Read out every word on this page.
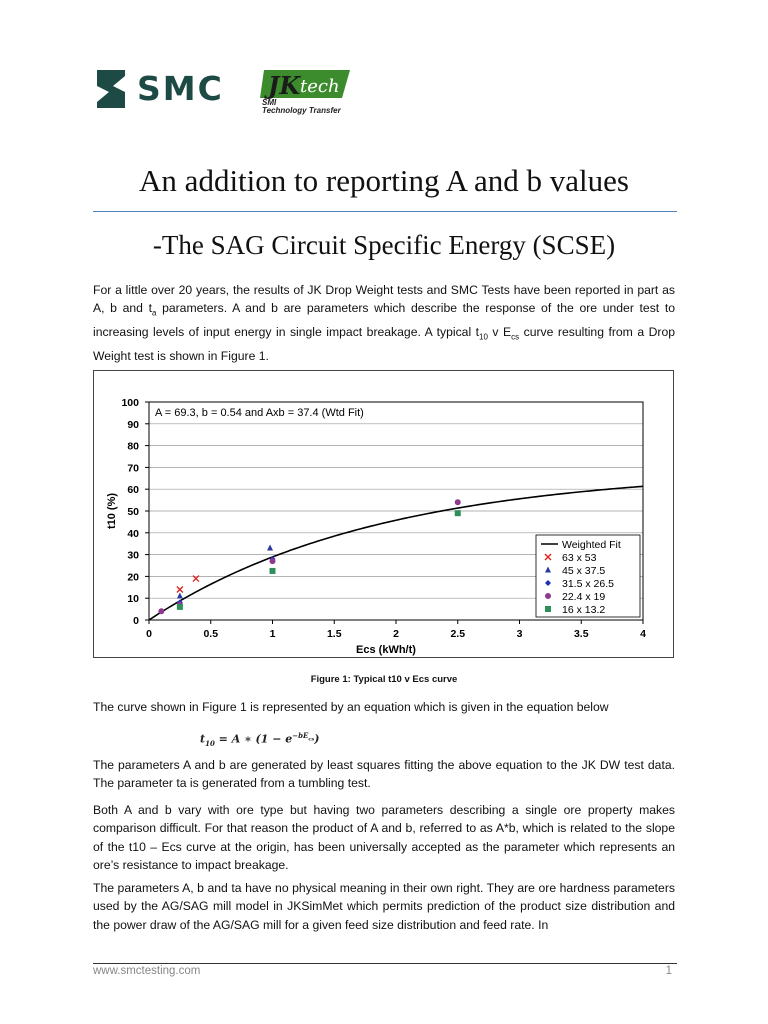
SMC JK tech
SMI
Technology Transfer
An addition to reporting A and b values
-The SAG Circuit Specific Energy (SCSE)
For a little over 20 years, the results of JK Drop Weight tests and SMC Tests have been reported in part as A, b and $t_a$ parameters. A and b are parameters which describe the response of the ore under test to increasing levels of input energy in single impact breakage. A typical $t_{10}$ v $E_{cs}$ curve resulting from a Drop Weight test is shown in Figure 1.
0
10
20
30
40
50
60
70
80
90
100
0	0.5	1	1.5	2	2.5	3	3.5	4
Ecs (kWh/t)
t10 (%)
A = 69.3, b = 0.54 and Axb = 37.4 (Wtd Fit)
Weighted Fit
63 x 53
45 x 37.5
31.5 x 26.5
22.4 x 19
16 x 13.2
Figure 1: Typical t10 v Ecs curve
The curve shown in Figure 1 is represented by an equation which is given in the equation below
$t_{10} = A$ ∗ $(1 - e^{-bE_{cs}})$
The parameters A and b are generated by least squares fitting the above equation to the JK DW test data. The parameter ta is generated from a tumbling test.
Both A and b vary with ore type but having two parameters describing a single ore property makes comparison difficult. For that reason the product of A and b, referred to as A*b, which is related to the slope of the t10 – Ecs curve at the origin, has been universally accepted as the parameter which represents an ore’s resistance to impact breakage.
The parameters A, b and ta have no physical meaning in their own right. They are ore hardness parameters used by the AG/SAG mill model in JKSimMet which permits prediction of the product size distribution and the power draw of the AG/SAG mill for a given feed size distribution and feed rate. In
www.smctesting.com	1
